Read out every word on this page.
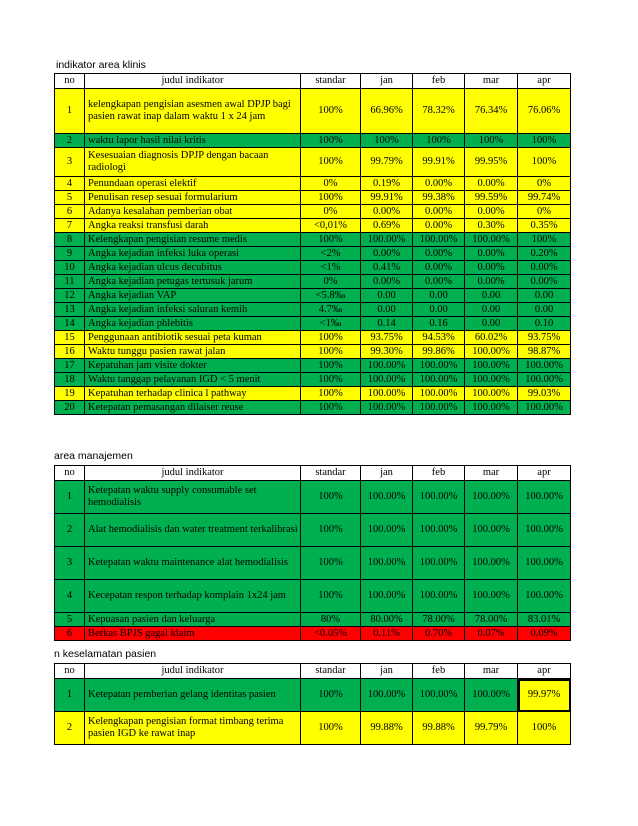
indikator area klinis
no	judul indikator	standar	jan	feb	mar	apr
1	kelengkapan pengisian asesmen awal DPJP bagi pasien rawat inap dalam waktu 1 x 24 jam	100%	66.96%	78.32%	76.34%	76.06%
2	waktu lapor hasil nilai kritis	100%	100%	100%	100%	100%
3	Kesesuaian diagnosis DPJP dengan bacaan radiologi	100%	99.79%	99.91%	99.95%	100%
4	Penundaan operasi elektif	0%	0.19%	0.00%	0.00%	0%
5	Penulisan resep sesuai formularium	100%	99.91%	99.38%	99.59%	99.74%
6	Adanya kesalahan pemberian obat	0%	0.00%	0.00%	0.00%	0%
7	Angka reaksi transfusi darah	<0,01%	0.69%	0.00%	0.30%	0.35%
8	Kelengkapan pengisian resume medis	100%	100.00%	100.00%	100.00%	100%
9	Angka kejadian infeksi luka operasi	<2%	0.00%	0.00%	0.00%	0.20%
10	Angka kejadian ulcus decubitus	<1%	0.41%	0.00%	0.00%	0.00%
11	Angka kejadian petugas tertusuk jarum	0%	0.00%	0.00%	0.00%	0.00%
12	Angka kejadian VAP	<5.8‰	0.00	0.00	0.00	0.00
13	Angka kejadian infeksi saluran kemih	4.7‰	0.00	0.00	0.00	0.00
14	Angka kejadian phlebitis	<1‰	0.14	0.16	0.00	0.10
15	Penggunaan antibiotik sesuai peta kuman	100%	93.75%	94.53%	60.02%	93.75%
16	Waktu tunggu pasien rawat jalan	100%	99.30%	99.86%	100.00%	98.87%
17	Kepatuhan jam visite dokter	100%	100.00%	100.00%	100.00%	100.00%
18	Waktu tanggap pelayanan IGD < 5 menit	100%	100.00%	100.00%	100.00%	100.00%
19	Kepatuhan terhadap clinica l pathway	100%	100.00%	100.00%	100.00%	99.03%
20	Ketepatan pemasangan dilaiser reuse	100%	100.00%	100.00%	100.00%	100.00%
area manajemen
no	judul indikator	standar	jan	feb	mar	apr
1	Ketepatan waktu supply consumable set hemodialisis	100%	100.00%	100.00%	100.00%	100.00%
2	Alat hemodialisis dan water treatment terkalibrasi	100%	100.00%	100.00%	100.00%	100.00%
3	Ketepatan waktu maintenance alat hemodialisis	100%	100.00%	100.00%	100.00%	100.00%
4	Kecepatan respon terhadap komplain 1x24 jam	100%	100.00%	100.00%	100.00%	100.00%
5	Kepuasan pasien dan keluarga	80%	80.00%	78.00%	78.00%	83.01%
6	Berkas BPJS gagal klaim	<0.05%	0.11%	0.70%	0.07%	0.09%
n keselamatan pasien
no	judul indikator	standar	jan	feb	mar	apr
1	Ketepatan pemberian gelang identitas pasien	100%	100.00%	100.00%	100.00%	99.97%
2	Kelengkapan pengisian format timbang terima pasien IGD ke rawat inap	100%	99.88%	99.88%	99.79%	100%
